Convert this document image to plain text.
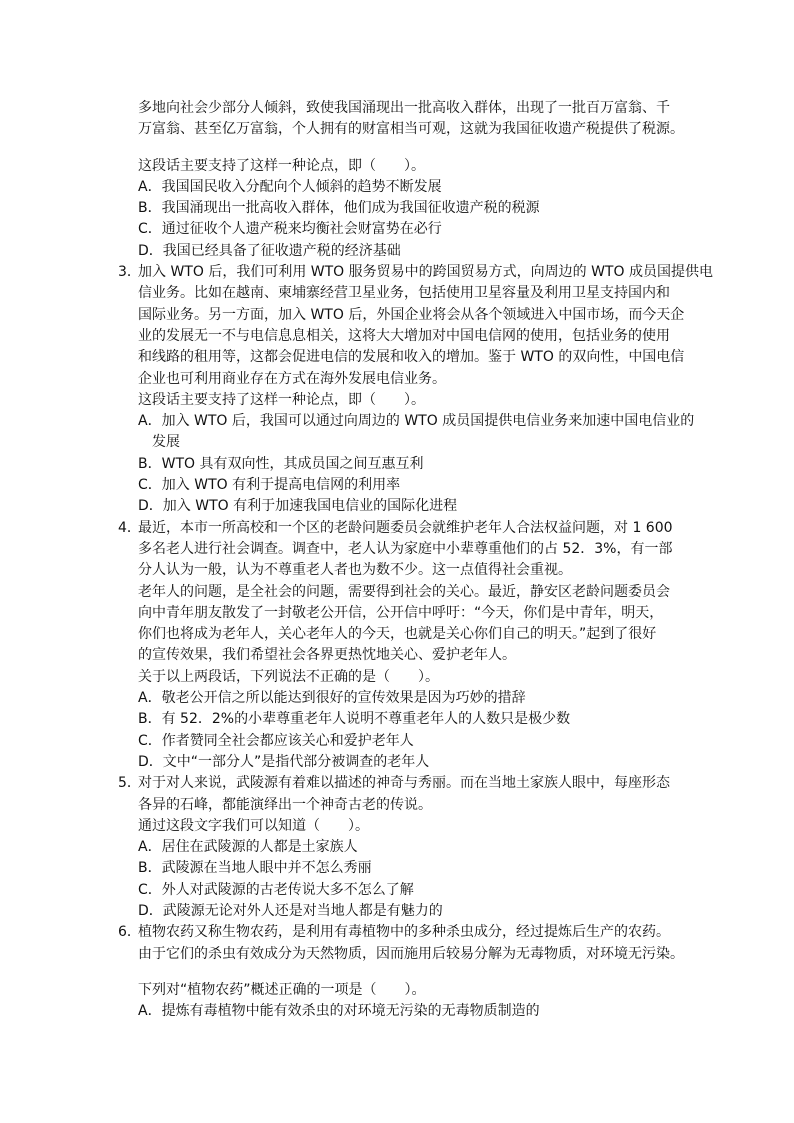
多地向社会少部分人倾斜，致使我国涌现出一批高收入群体，出现了一批百万富翁、千
万富翁、甚至亿万富翁，个人拥有的财富相当可观，这就为我国征收遗产税提供了税源。
这段话主要支持了这样一种论点，即（　　）。
A．我国国民收入分配向个人倾斜的趋势不断发展
B．我国涌现出一批高收入群体，他们成为我国征收遗产税的税源
C．通过征收个人遗产税来均衡社会财富势在必行
D．我国已经具备了征收遗产税的经济基础
3．
加入 WTO 后，我们可利用 WTO 服务贸易中的跨国贸易方式，向周边的 WTO 成员国提供电
信业务。比如在越南、柬埔寨经营卫星业务，包括使用卫星容量及利用卫星支持国内和
国际业务。另一方面，加入 WTO 后，外国企业将会从各个领域进入中国市场，而今天企
业的发展无一不与电信息息相关，这将大大增加对中国电信网的使用，包括业务的使用
和线路的租用等，这都会促进电信的发展和收入的增加。鉴于 WTO 的双向性，中国电信
企业也可利用商业存在方式在海外发展电信业务。
这段话主要支持了这样一种论点，即（　　）。
A．加入 WTO 后，我国可以通过向周边的 WTO 成员国提供电信业务来加速中国电信业的
发展
B．WTO 具有双向性，其成员国之间互惠互利
C．加入 WTO 有利于提高电信网的利用率
D．加入 WTO 有利于加速我国电信业的国际化进程
4．
最近，本市一所高校和一个区的老龄问题委员会就维护老年人合法权益问题，对 1 600
多名老人进行社会调查。调查中，老人认为家庭中小辈尊重他们的占 52．3%，有一部
分人认为一般，认为不尊重老人者也为数不少。这一点值得社会重视。
老年人的问题，是全社会的问题，需要得到社会的关心。最近，静安区老龄问题委员会
向中青年朋友散发了一封敬老公开信，公开信中呼吁：“今天，你们是中青年，明天，
你们也将成为老年人，关心老年人的今天，也就是关心你们自己的明天。”起到了很好
的宣传效果，我们希望社会各界更热忱地关心、爱护老年人。
关于以上两段话，下列说法不正确的是（　　）。
A．敬老公开信之所以能达到很好的宣传效果是因为巧妙的措辞
B．有 52．2%的小辈尊重老年人说明不尊重老年人的人数只是极少数
C．作者赞同全社会都应该关心和爱护老年人
D．文中“一部分人”是指代部分被调查的老年人
5．
对于对人来说，武陵源有着难以描述的神奇与秀丽。而在当地土家族人眼中，每座形态
各异的石峰，都能演绎出一个神奇古老的传说。
通过这段文字我们可以知道（　　）。
A．居住在武陵源的人都是土家族人
B．武陵源在当地人眼中并不怎么秀丽
C．外人对武陵源的古老传说大多不怎么了解
D．武陵源无论对外人还是对当地人都是有魅力的
6．
植物农药又称生物农药，是利用有毒植物中的多种杀虫成分，经过提炼后生产的农药。
由于它们的杀虫有效成分为天然物质，因而施用后较易分解为无毒物质，对环境无污染。
下列对“植物农药”概述正确的一项是（　　）。
A．提炼有毒植物中能有效杀虫的对环境无污染的无毒物质制造的
